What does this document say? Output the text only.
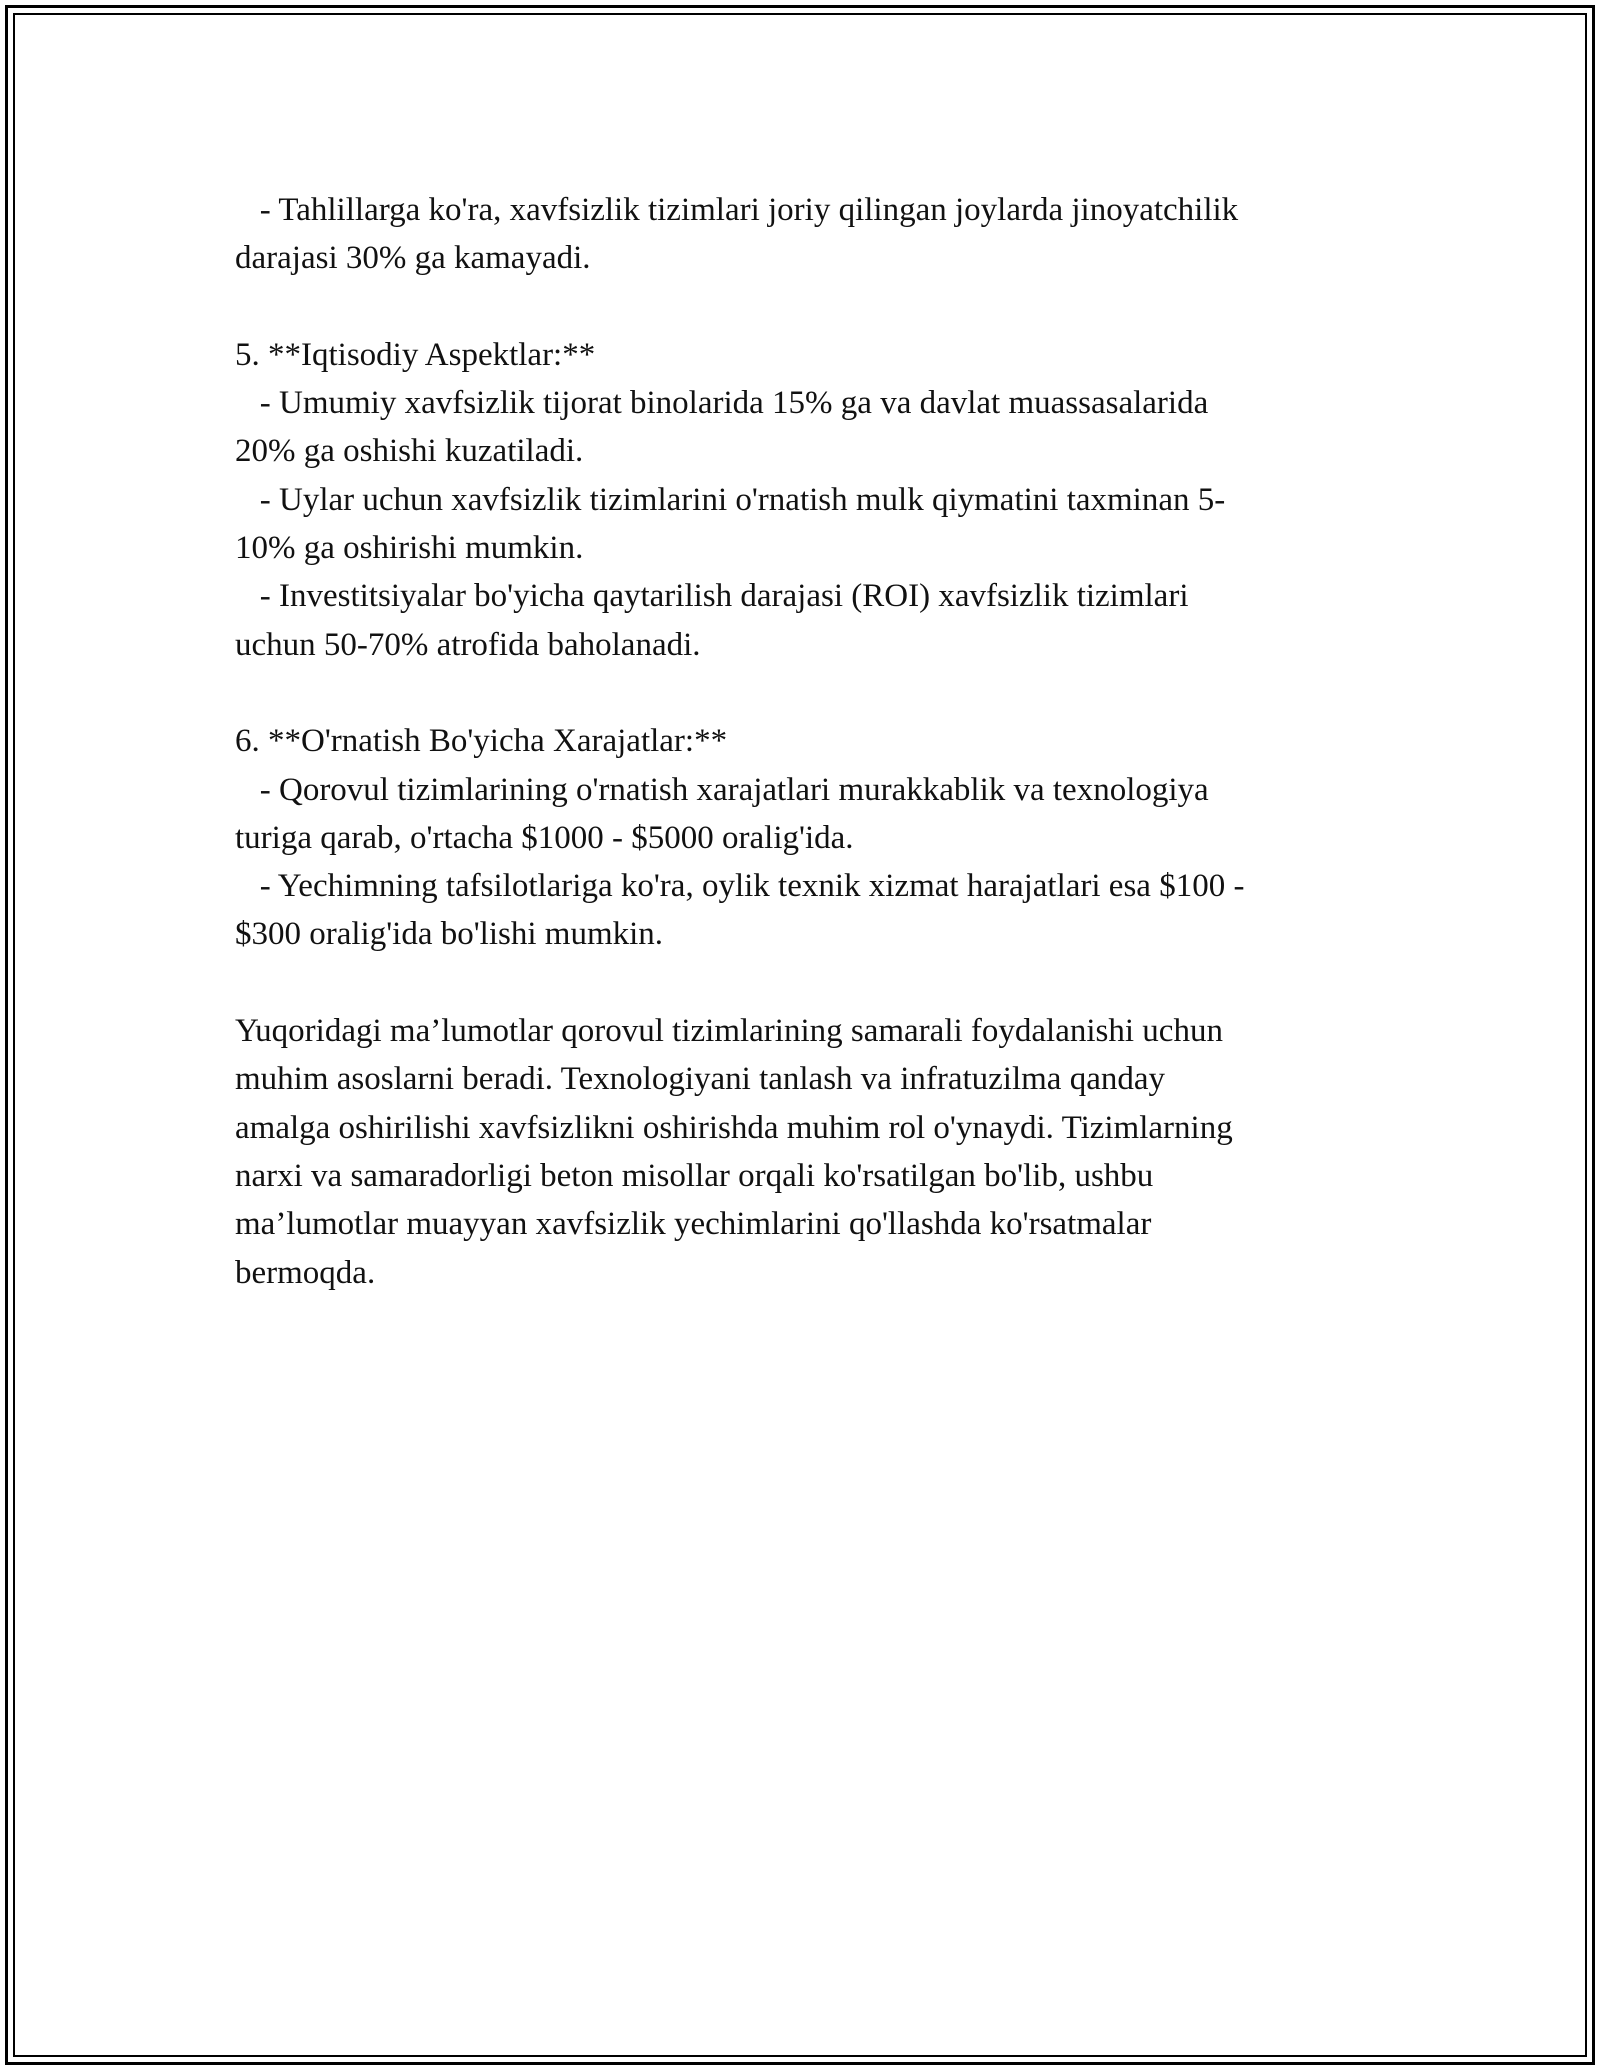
- Tahlillarga ko'ra, xavfsizlik tizimlari joriy qilingan joylarda jinoyatchilik
darajasi 30% ga kamayadi.
5. **Iqtisodiy Aspektlar:**
- Umumiy xavfsizlik tijorat binolarida 15% ga va davlat muassasalarida
20% ga oshishi kuzatiladi.
- Uylar uchun xavfsizlik tizimlarini o'rnatish mulk qiymatini taxminan 5-
10% ga oshirishi mumkin.
- Investitsiyalar bo'yicha qaytarilish darajasi (ROI) xavfsizlik tizimlari
uchun 50-70% atrofida baholanadi.
6. **O'rnatish Bo'yicha Xarajatlar:**
- Qorovul tizimlarining o'rnatish xarajatlari murakkablik va texnologiya
turiga qarab, o'rtacha $1000 - $5000 oralig'ida.
- Yechimning tafsilotlariga ko'ra, oylik texnik xizmat harajatlari esa $100 -
$300 oralig'ida bo'lishi mumkin.
Yuqoridagi ma’lumotlar qorovul tizimlarining samarali foydalanishi uchun
muhim asoslarni beradi. Texnologiyani tanlash va infratuzilma qanday
amalga oshirilishi xavfsizlikni oshirishda muhim rol o'ynaydi. Tizimlarning
narxi va samaradorligi beton misollar orqali ko'rsatilgan bo'lib, ushbu
ma’lumotlar muayyan xavfsizlik yechimlarini qo'llashda ko'rsatmalar
bermoqda.
